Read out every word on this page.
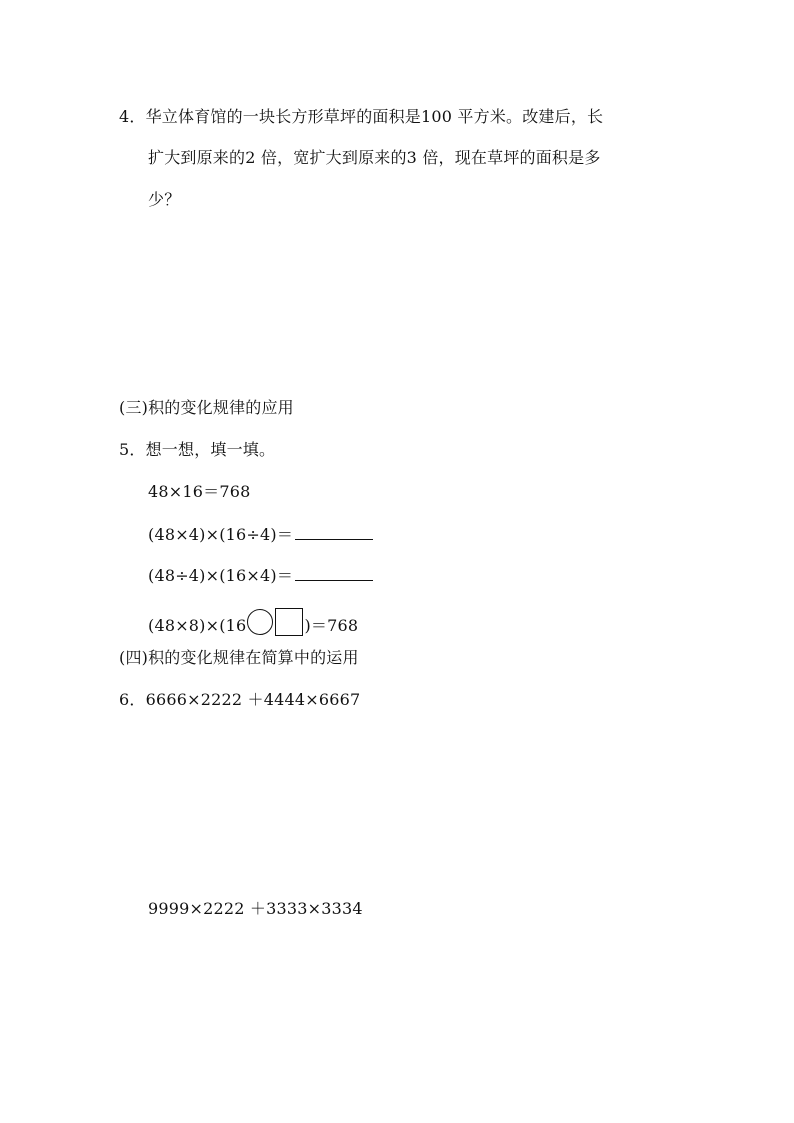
4．华立体育馆的一块长方形草坪的面积是100 平方米。改建后，长
扩大到原来的2 倍，宽扩大到原来的3 倍，现在草坪的面积是多
少？
(三)积的变化规律的应用
5．想一想，填一填。
48×16＝768
(48×4)×(16÷4)＝
(48÷4)×(16×4)＝
(48×8)×(16	)＝768
(四)积的变化规律在简算中的运用
6．6666×2222 ＋4444×6667
9999×2222 ＋3333×3334
